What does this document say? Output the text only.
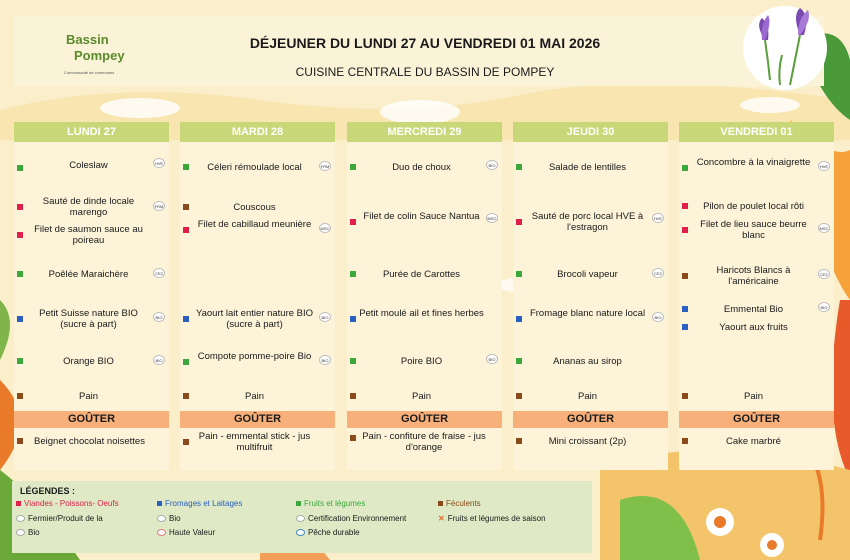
Bassin
Pompey
Communauté de communes
DÉJEUNER DU LUNDI 27 AU VENDREDI 01 MAI 2026
CUISINE CENTRALE DU BASSIN DE POMPEY
LUNDI 27
Coleslaw	HVE
Sauté de dinde locale marengo
FRM
Filet de saumon sauce au poireau
Poêlée Maraichère	CE2
Petit Suisse nature BIO (sucre à part)
BIO
Orange BIO	BIO
Pain
GOÛTER
Beignet chocolat noisettes
MARDI 28
Céleri rémoulade local	FRM
Couscous
Filet de cabillaud meunière	MSC
Yaourt lait entier nature BIO (sucre à part)
BIO
Compote pomme-poire Bio	BIO
Pain
GOÛTER
Pain - emmental stick - jus multifruit
MERCREDI 29
Duo de choux	BIO
Filet de colin Sauce Nantua	MSC
Purée de Carottes
Petit moulé ail et fines herbes
Poire BIO	BIO
Pain
GOÛTER
Pain - confiture de fraise - jus d'orange
JEUDI 30
Salade de lentilles
Sauté de porc local HVE à l'estragon
HVE
Brocoli vapeur	CE2
Fromage blanc nature local	BIO
Ananas au sirop
Pain
GOÛTER
Mini croissant (2p)
VENDREDI 01
Concombre à la vinaigrette	HVE
Pilon de poulet local rôti
Filet de lieu sauce beurre blanc
MSC
Haricots Blancs à l'américaine
CE2
Emmental Bio	BIO
Yaourt aux fruits
Pain
GOÛTER
Cake marbré
LÉGENDES :
Viandes - Poissons- Oeufs	Fromages et Laitages	Fruits et légumes	Féculents
Fermier/Produit de la	Bio	Certification Environnement	✕ Fruits et légumes de saison
Bio	Haute Valeur	Pêche durable
